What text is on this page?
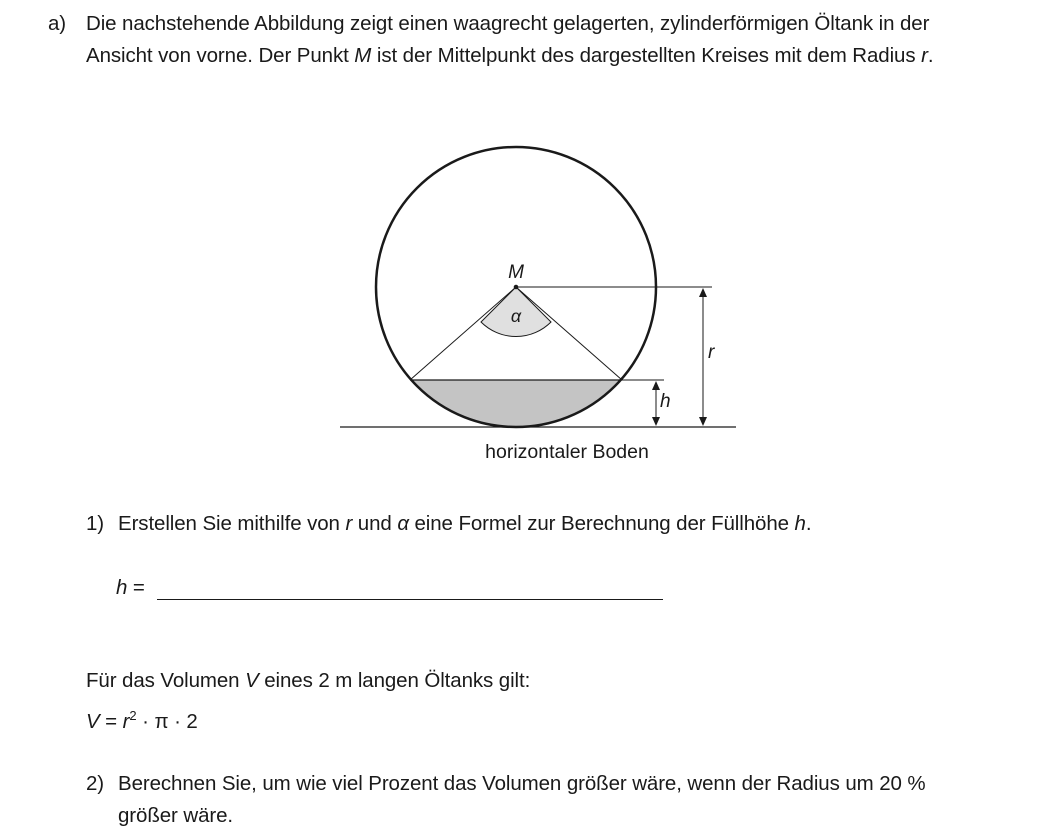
a) Die nachstehende Abbildung zeigt einen waagrecht gelagerten, zylinderförmigen Öltank in der Ansicht von vorne. Der Punkt M ist der Mittelpunkt des dargestellten Kreises mit dem Radius r.
M
α
r
h
horizontaler Boden
1) Erstellen Sie mithilfe von r und α eine Formel zur Berechnung der Füllhöhe h.
h =
Für das Volumen V eines 2 m langen Öltanks gilt:
$V = r^2 \cdot \pi \cdot 2$
2) Berechnen Sie, um wie viel Prozent das Volumen größer wäre, wenn der Radius um 20 % größer wäre.
